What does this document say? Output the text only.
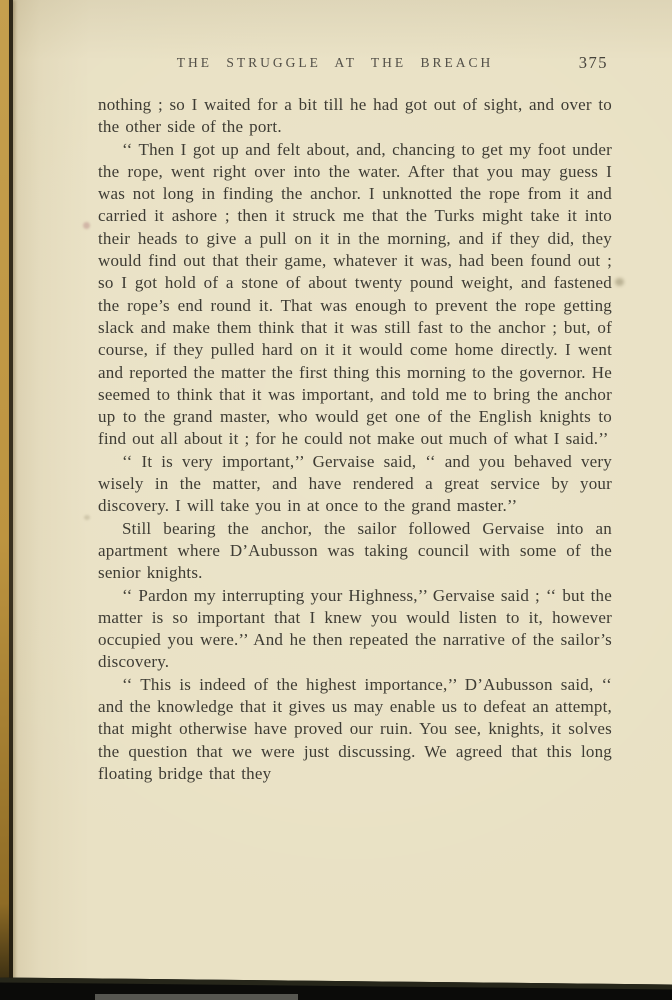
THE STRUGGLE AT THE BREACH	375

nothing ; so I waited for a bit till he had got out of sight, and over to the other side of the port.

‘‘ Then I got up and felt about, and, chancing to get my foot under the rope, went right over into the water. After that you may guess I was not long in finding the anchor. I unknotted the rope from it and carried it ashore ; then it struck me that the Turks might take it into their heads to give a pull on it in the morning, and if they did, they would find out that their game, whatever it was, had been found out ; so I got hold of a stone of about twenty pound weight, and fastened the rope’s end round it. That was enough to prevent the rope getting slack and make them think that it was still fast to the anchor ; but, of course, if they pulled hard on it it would come home directly. I went and reported the matter the first thing this morning to the governor. He seemed to think that it was important, and told me to bring the anchor up to the grand master, who would get one of the English knights to find out all about it ; for he could not make out much of what I said.’’

‘‘ It is very important,’’ Gervaise said, ‘‘ and you behaved very wisely in the matter, and have rendered a great service by your discovery. I will take you in at once to the grand master.’’

Still bearing the anchor, the sailor followed Gervaise into an apartment where D’Aubusson was taking council with some of the senior knights.

‘‘ Pardon my interrupting your Highness,’’ Gervaise said ; ‘‘ but the matter is so important that I knew you would listen to it, however occupied you were.’’ And he then repeated the narrative of the sailor’s discovery.

‘‘ This is indeed of the highest importance,’’ D’Aubusson said, ‘‘ and the knowledge that it gives us may enable us to defeat an attempt, that might otherwise have proved our ruin. You see, knights, it solves the question that we were just discussing. We agreed that this long floating bridge that they
